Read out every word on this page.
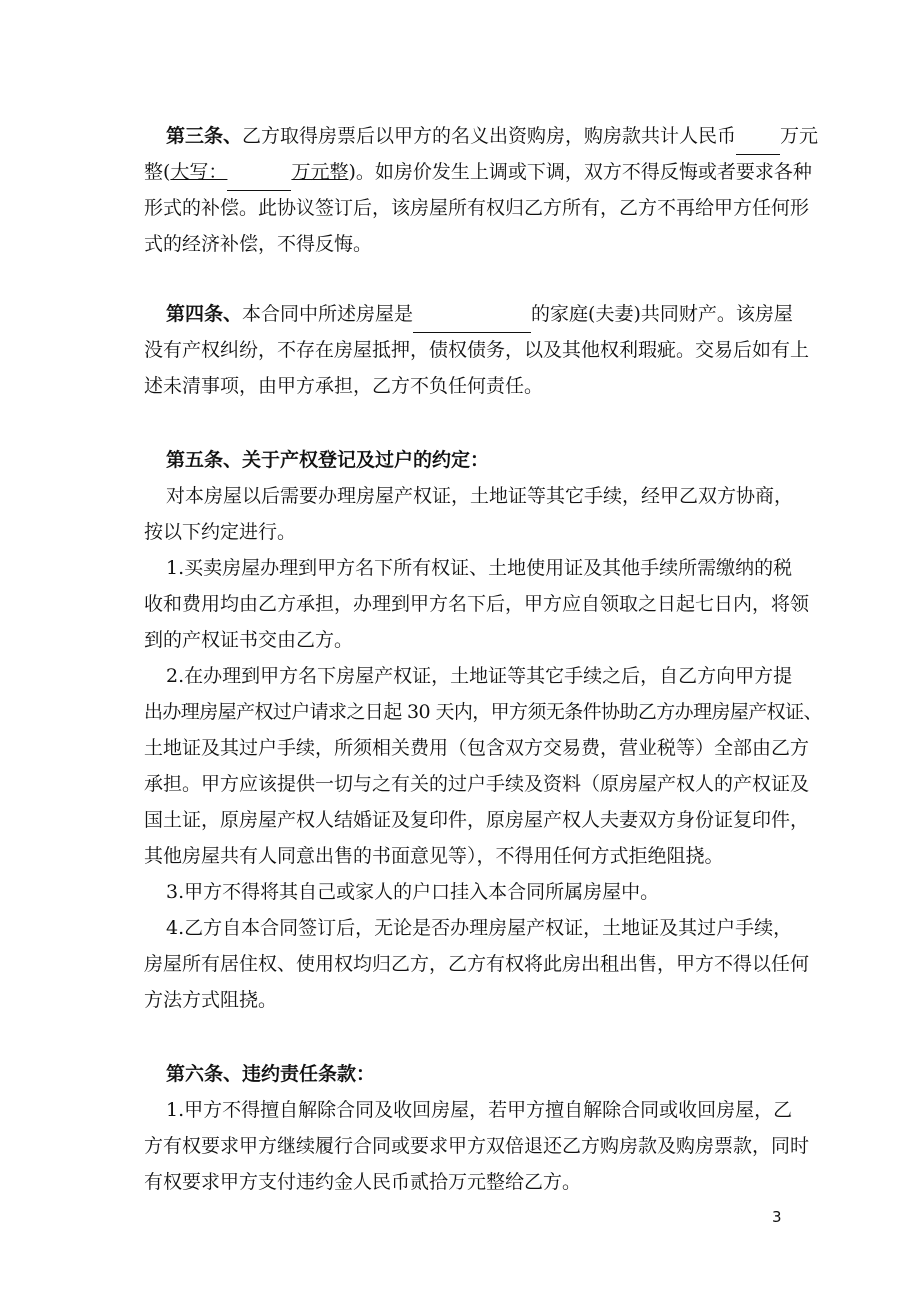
第三条、乙方取得房票后以甲方的名义出资购房，购房款共计人民币 万元
整(大写：	万元整)。如房价发生上调或下调，双方不得反悔或者要求各种
形式的补偿。此协议签订后，该房屋所有权归乙方所有，乙方不再给甲方任何形
式的经济补偿，不得反悔。
第四条、本合同中所述房屋是	的家庭(夫妻)共同财产。该房屋
没有产权纠纷，不存在房屋抵押，债权债务，以及其他权利瑕疵。交易后如有上
述未清事项，由甲方承担，乙方不负任何责任。
第五条、关于产权登记及过户的约定：
对本房屋以后需要办理房屋产权证，土地证等其它手续，经甲乙双方协商，
按以下约定进行。
1.买卖房屋办理到甲方名下所有权证、土地使用证及其他手续所需缴纳的税
收和费用均由乙方承担，办理到甲方名下后，甲方应自领取之日起七日内，将领
到的产权证书交由乙方。
2.在办理到甲方名下房屋产权证，土地证等其它手续之后，自乙方向甲方提
出办理房屋产权过户请求之日起 30 天内，甲方须无条件协助乙方办理房屋产权证、
土地证及其过户手续，所须相关费用（包含双方交易费，营业税等）全部由乙方
承担。甲方应该提供一切与之有关的过户手续及资料（原房屋产权人的产权证及
国土证，原房屋产权人结婚证及复印件，原房屋产权人夫妻双方身份证复印件，
其他房屋共有人同意出售的书面意见等），不得用任何方式拒绝阻挠。
3.甲方不得将其自己或家人的户口挂入本合同所属房屋中。
4.乙方自本合同签订后，无论是否办理房屋产权证，土地证及其过户手续，
房屋所有居住权、使用权均归乙方，乙方有权将此房出租出售，甲方不得以任何
方法方式阻挠。
第六条、违约责任条款：
1.甲方不得擅自解除合同及收回房屋，若甲方擅自解除合同或收回房屋，乙
方有权要求甲方继续履行合同或要求甲方双倍退还乙方购房款及购房票款，同时
有权要求甲方支付违约金人民币贰拾万元整给乙方。
3
